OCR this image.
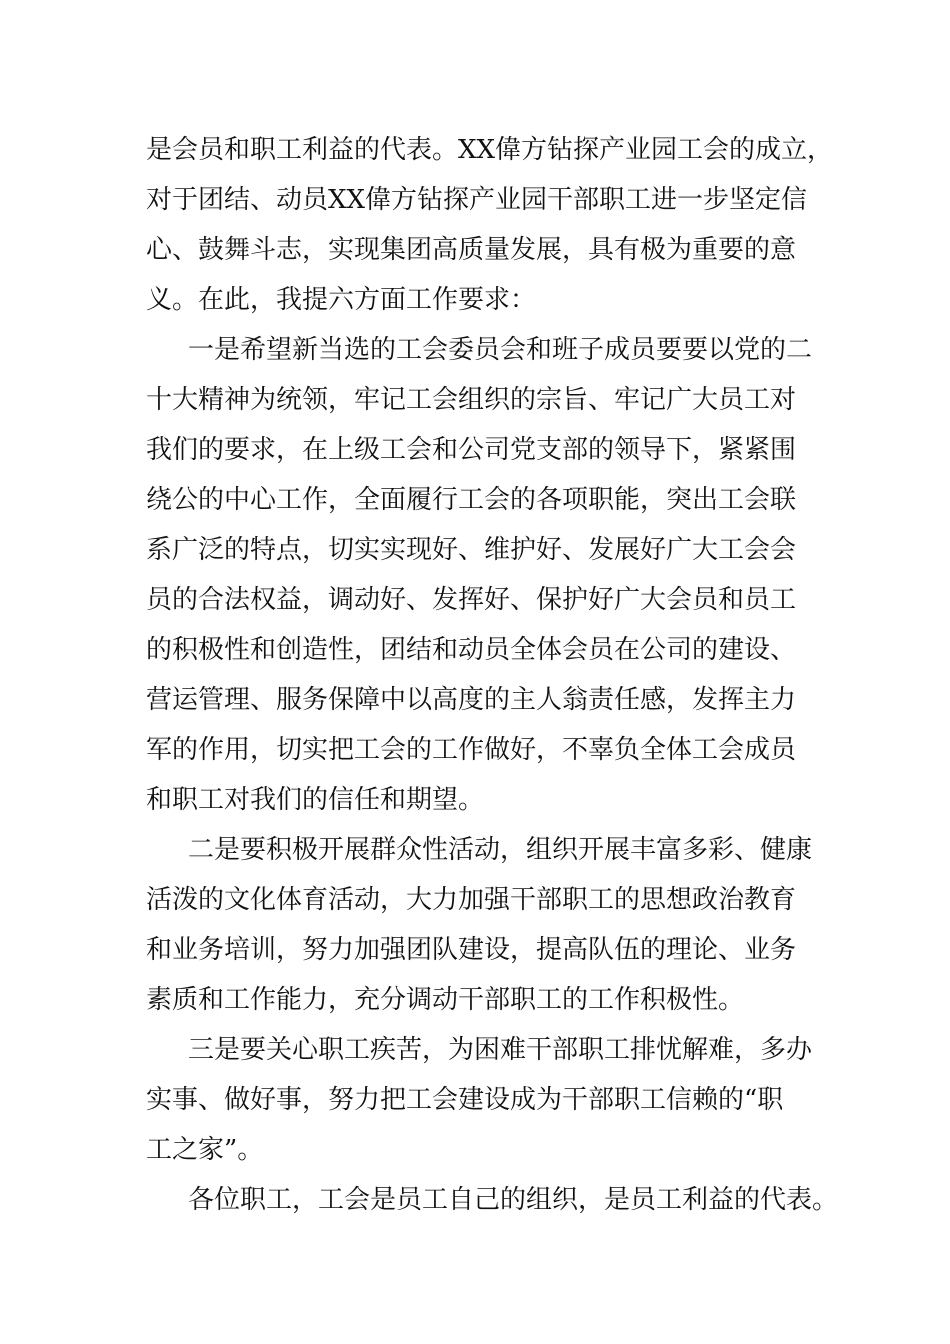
是会员和职工利益的代表。XX偉方钻探产业园工会的成立，
对于团结、动员XX偉方钻探产业园干部职工进一步坚定信
心、鼓舞斗志，实现集团高质量发展，具有极为重要的意
义。在此，我提六方面工作要求：
一是希望新当选的工会委员会和班子成员要要以党的二
十大精神为统领，牢记工会组织的宗旨、牢记广大员工对
我们的要求，在上级工会和公司党支部的领导下，紧紧围
绕公的中心工作，全面履行工会的各项职能，突出工会联
系广泛的特点，切实实现好、维护好、发展好广大工会会
员的合法权益，调动好、发挥好、保护好广大会员和员工
的积极性和创造性，团结和动员全体会员在公司的建设、
营运管理、服务保障中以高度的主人翁责任感，发挥主力
军的作用，切实把工会的工作做好，不辜负全体工会成员
和职工对我们的信任和期望。
二是要积极开展群众性活动，组织开展丰富多彩、健康
活泼的文化体育活动，大力加强干部职工的思想政治教育
和业务培训，努力加强团队建设，提高队伍的理论、业务
素质和工作能力，充分调动干部职工的工作积极性。
三是要关心职工疾苦，为困难干部职工排忧解难，多办
实事、做好事，努力把工会建设成为干部职工信赖的“职
工之家”。
各位职工，工会是员工自己的组织，是员工利益的代表。
